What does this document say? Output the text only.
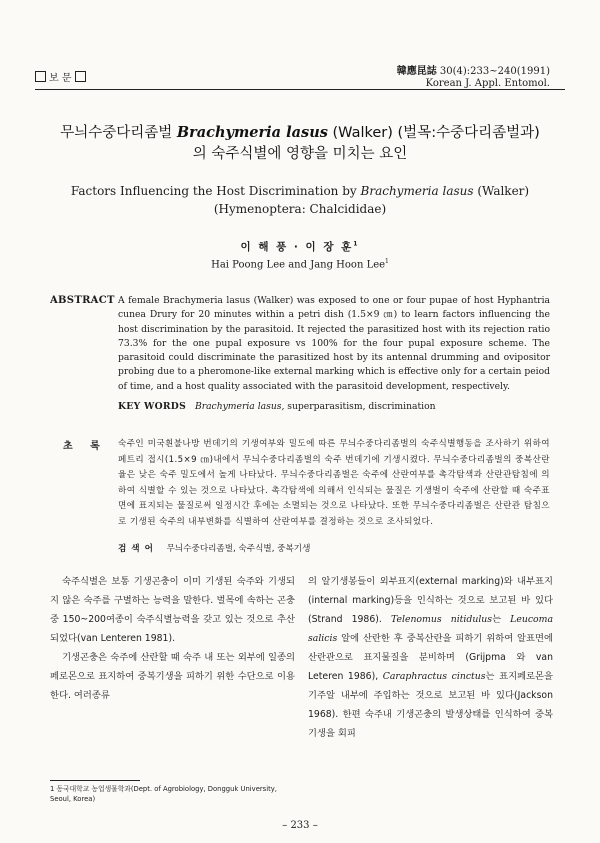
보 문
韓應昆誌 30(4):233~240(1991)
Korean J. Appl. Entomol.
무늬수중다리좀벌 Brachymeria lasus (Walker) (벌목:수중다리좀벌과)
의 숙주식별에 영향을 미치는 요인
Factors Influencing the Host Discrimination by Brachymeria lasus (Walker)
(Hymenoptera: Chalcididae)
이 해 풍 · 이 장 훈$^1$
Hai Poong Lee and Jang Hoon Lee$^1$
ABSTRACT A female Brachymeria lasus (Walker) was exposed to one or four pupae of host Hyphantria cunea Drury for 20 minutes within a petri dish (1.5×9 ㎝) to learn factors influencing the host discrimination by the parasitoid. It rejected the parasitized host with its rejection ratio 73.3% for the one pupal exposure vs 100% for the four pupal exposure scheme. The parasitoid could discriminate the parasitized host by its antennal drumming and ovipositor probing due to a pheromone-like external marking which is effective only for a certain peiod of time, and a host quality associated with the parasitoid development, respectively.
KEY WORDS Brachymeria lasus, superparasitism, discrimination
초 록 숙주인 미국흰불나방 번데기의 기생여부와 밀도에 따른 무늬수중다리좀벌의 숙주식별행동을 조사하기 위하여 페트리 접시(1.5×9 ㎝)내에서 무늬수중다리좀벌의 숙주 번데기에 기생시켰다. 무늬수중다리좀벌의 중복산란율은 낮은 숙주 밀도에서 높게 나타났다. 무늬수중다리좀벌은 숙주에 산란여부를 촉각탐색과 산란관탐침에 의하여 식별할 수 있는 것으로 나타났다. 촉각탐색에 의해서 인식되는 물질은 기생벌이 숙주에 산란할 때 숙주표면에 표지되는 물질로써 일정시간 후에는 소멸되는 것으로 나타났다. 또한 무늬수중다리좀벌은 산란관 탐침으로 기생된 숙주의 내부변화를 식별하여 산란여부를 결정하는 것으로 조사되었다.
검 색 어 무늬수중다리좀벌, 숙주식별, 중복기생

숙주식별은 보통 기생곤충이 이미 기생된 숙주와 기생되지 않은 숙주를 구별하는 능력을 말한다. 벌목에 속하는 곤충중 150~200여종이 숙주식별능력을 갖고 있는 것으로 추산 되었다(van Lenteren 1981).

기생곤충은 숙주에 산란할 때 숙주 내 또는 외부에 일종의 페로몬으로 표지하여 중복기생을 피하기 위한 수단으로 이용한다. 여러종류

의 알기생봉들이 외부표지(external marking)와 내부표지(internal marking)등을 인식하는 것으로 보고된 바 있다(Strand 1986). Telenomus nitidulus는 Leucoma salicis 알에 산란한 후 중복산란을 피하기 위하여 알표면에 산란관으로 표지물질을 분비하며 (Grijpma 와 van Leteren 1986), Caraphractus cinctus는 표지페로몬을 기주알 내부에 주입하는 것으로 보고된 바 있다(Jackson 1968). 한편 숙주내 기생곤충의 발생상태를 인식하여 중복기생을 회피

1 동국대학교 농업생물학과(Dept. of Agrobiology, Dongguk University, Seoul, Korea)
– 233 –
